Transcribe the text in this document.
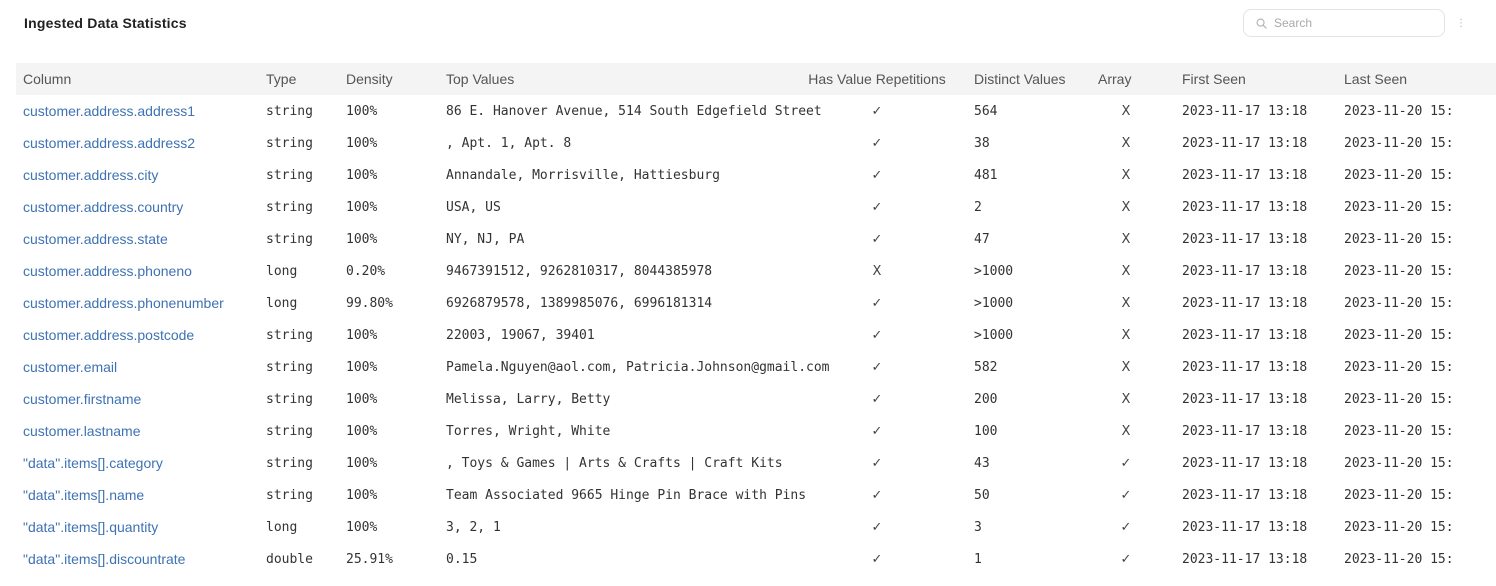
Ingested Data Statistics
Search	⋮
Column	Type	Density	Top Values	Has Value Repetitions	Distinct Values	Array	First Seen	Last Seen
customer.address.address1	string	100%	86 E. Hanover Avenue, 514 South Edgefield Street	✓	564	X	2023-11-17 13:18	2023-11-20 15:
customer.address.address2	string	100%	, Apt. 1, Apt. 8	✓	38	X	2023-11-17 13:18	2023-11-20 15:
customer.address.city	string	100%	Annandale, Morrisville, Hattiesburg	✓	481	X	2023-11-17 13:18	2023-11-20 15:
customer.address.country	string	100%	USA, US	✓	2	X	2023-11-17 13:18	2023-11-20 15:
customer.address.state	string	100%	NY, NJ, PA	✓	47	X	2023-11-17 13:18	2023-11-20 15:
customer.address.phoneno	long	0.20%	9467391512, 9262810317, 8044385978	X	>1000	X	2023-11-17 13:18	2023-11-20 15:
customer.address.phonenumber	long	99.80%	6926879578, 1389985076, 6996181314	✓	>1000	X	2023-11-17 13:18	2023-11-20 15:
customer.address.postcode	string	100%	22003, 19067, 39401	✓	>1000	X	2023-11-17 13:18	2023-11-20 15:
customer.email	string	100%	Pamela.Nguyen@aol.com, Patricia.Johnson@gmail.com	✓	582	X	2023-11-17 13:18	2023-11-20 15:
customer.firstname	string	100%	Melissa, Larry, Betty	✓	200	X	2023-11-17 13:18	2023-11-20 15:
customer.lastname	string	100%	Torres, Wright, White	✓	100	X	2023-11-17 13:18	2023-11-20 15:
"data".items[].category	string	100%	, Toys & Games | Arts & Crafts | Craft Kits	✓	43	✓	2023-11-17 13:18	2023-11-20 15:
"data".items[].name	string	100%	Team Associated 9665 Hinge Pin Brace with Pins	✓	50	✓	2023-11-17 13:18	2023-11-20 15:
"data".items[].quantity	long	100%	3, 2, 1	✓	3	✓	2023-11-17 13:18	2023-11-20 15:
"data".items[].discountrate	double	25.91%	0.15	✓	1	✓	2023-11-17 13:18	2023-11-20 15:
